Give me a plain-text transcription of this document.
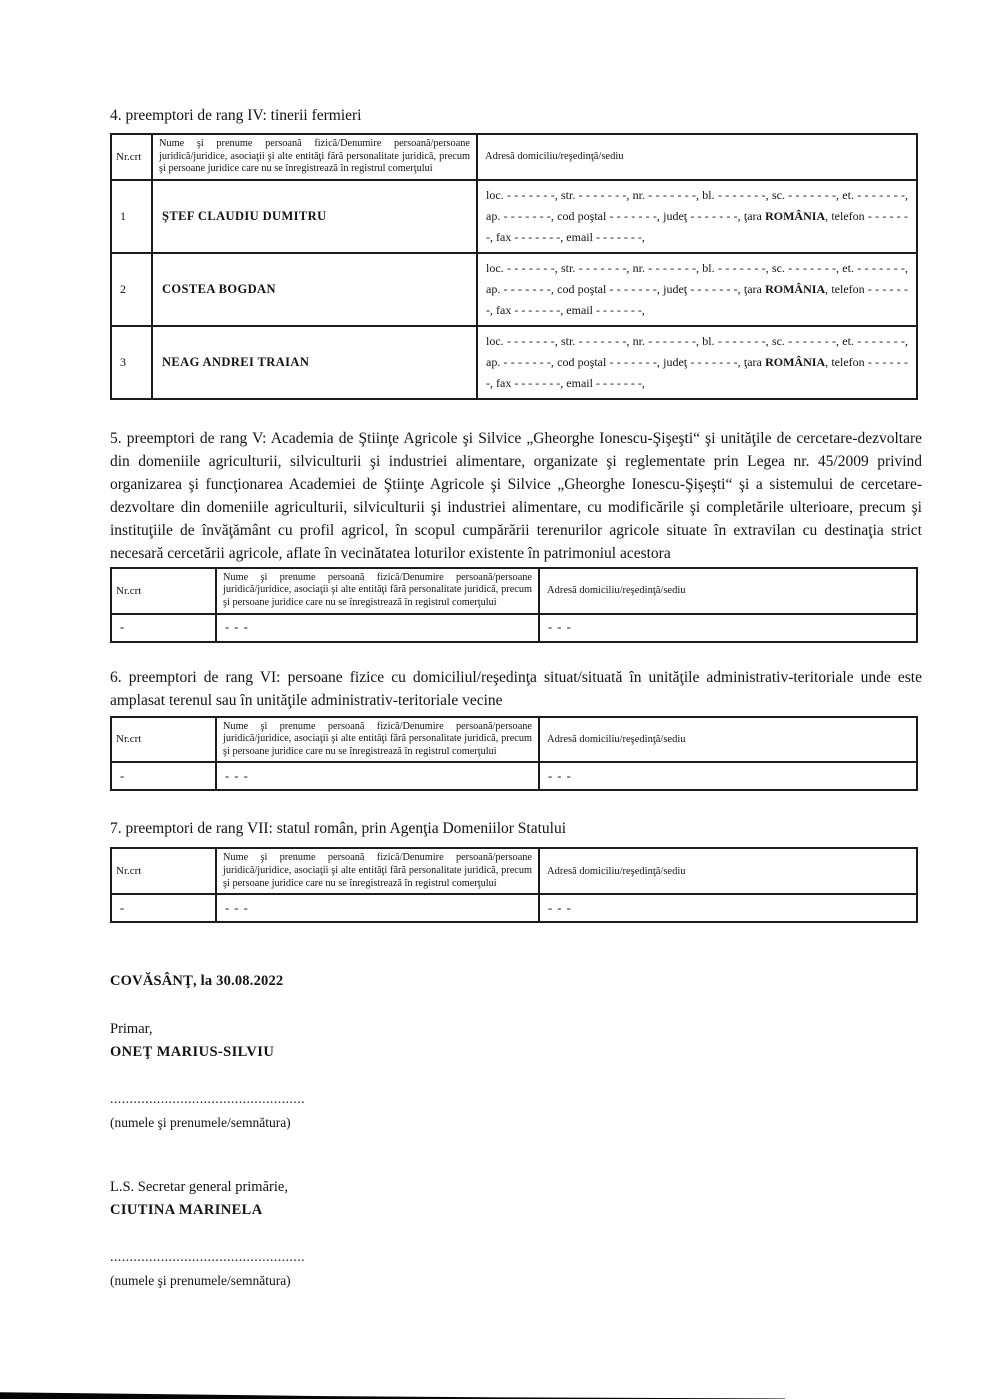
4. preemptori de rang IV: tinerii fermieri
Nr.crt	Nume şi prenume persoană fizică/Denumire persoană/persoane juridică/juridice, asociaţii şi alte entităţi fără personalitate juridică, precum şi persoane juridice care nu se înregistrează în registrul comerţului	Adresă domiciliu/reşedinţă/sediu
1	ŞTEF CLAUDIU DUMITRU	loc. - - - - - - -, str. - - - - - - -, nr. - - - - - - -, bl. - - - - - - -, sc. - - - - - - -, et. - - - - - - -, ap. - - - - - - -, cod poştal - - - - - - -, judeţ - - - - - - -, ţara ROMÂNIA, telefon - - - - - - -, fax - - - - - - -, email - - - - - - -,
2	COSTEA BOGDAN	loc. - - - - - - -, str. - - - - - - -, nr. - - - - - - -, bl. - - - - - - -, sc. - - - - - - -, et. - - - - - - -, ap. - - - - - - -, cod poştal - - - - - - -, judeţ - - - - - - -, ţara ROMÂNIA, telefon - - - - - - -, fax - - - - - - -, email - - - - - - -,
3	NEAG ANDREI TRAIAN	loc. - - - - - - -, str. - - - - - - -, nr. - - - - - - -, bl. - - - - - - -, sc. - - - - - - -, et. - - - - - - -, ap. - - - - - - -, cod poştal - - - - - - -, judeţ - - - - - - -, ţara ROMÂNIA, telefon - - - - - - -, fax - - - - - - -, email - - - - - - -,

5. preemptori de rang V: Academia de Ştiinţe Agricole şi Silvice „Gheorghe Ionescu-Şişeşti“ şi unităţile de cercetare-dezvoltare din domeniile agriculturii, silviculturii şi industriei alimentare, organizate şi reglementate prin Legea nr. 45/2009 privind organizarea şi funcţionarea Academiei de Ştiinţe Agricole şi Silvice „Gheorghe Ionescu-Şişeşti“ şi a sistemului de cercetare-dezvoltare din domeniile agriculturii, silviculturii şi industriei alimentare, cu modificările şi completările ulterioare, precum şi instituţiile de învăţământ cu profil agricol, în scopul cumpărării terenurilor agricole situate în extravilan cu destinaţia strict necesară cercetării agricole, aflate în vecinătatea loturilor existente în patrimoniul acestora

Nr.crt	Nume şi prenume persoană fizică/Denumire persoană/persoane juridică/juridice, asociaţii şi alte entităţi fără personalitate juridică, precum şi persoane juridice care nu se înregistrează în registrul comerţului	Adresă domiciliu/reşedinţă/sediu
-	- - -	- - -

6. preemptori de rang VI: persoane fizice cu domiciliul/reşedinţa situat/situată în unităţile administrativ-teritoriale unde este amplasat terenul sau în unităţile administrativ-teritoriale vecine

Nr.crt	Nume şi prenume persoană fizică/Denumire persoană/persoane juridică/juridice, asociaţii şi alte entităţi fără personalitate juridică, precum şi persoane juridice care nu se înregistrează în registrul comerţului	Adresă domiciliu/reşedinţă/sediu
-	- - -	- - -

7. preemptori de rang VII: statul român, prin Agenţia Domeniilor Statului

Nr.crt	Nume şi prenume persoană fizică/Denumire persoană/persoane juridică/juridice, asociaţii şi alte entităţi fără personalitate juridică, precum şi persoane juridice care nu se înregistrează în registrul comerţului	Adresă domiciliu/reşedinţă/sediu
-	- - -	- - -

COVĂSÂNŢ, la 30.08.2022

Primar,

ONEŢ MARIUS-SILVIU

..................................................

(numele şi prenumele/semnătura)

L.S. Secretar general primărie,

CIUTINA MARINELA

..................................................

(numele şi prenumele/semnătura)
